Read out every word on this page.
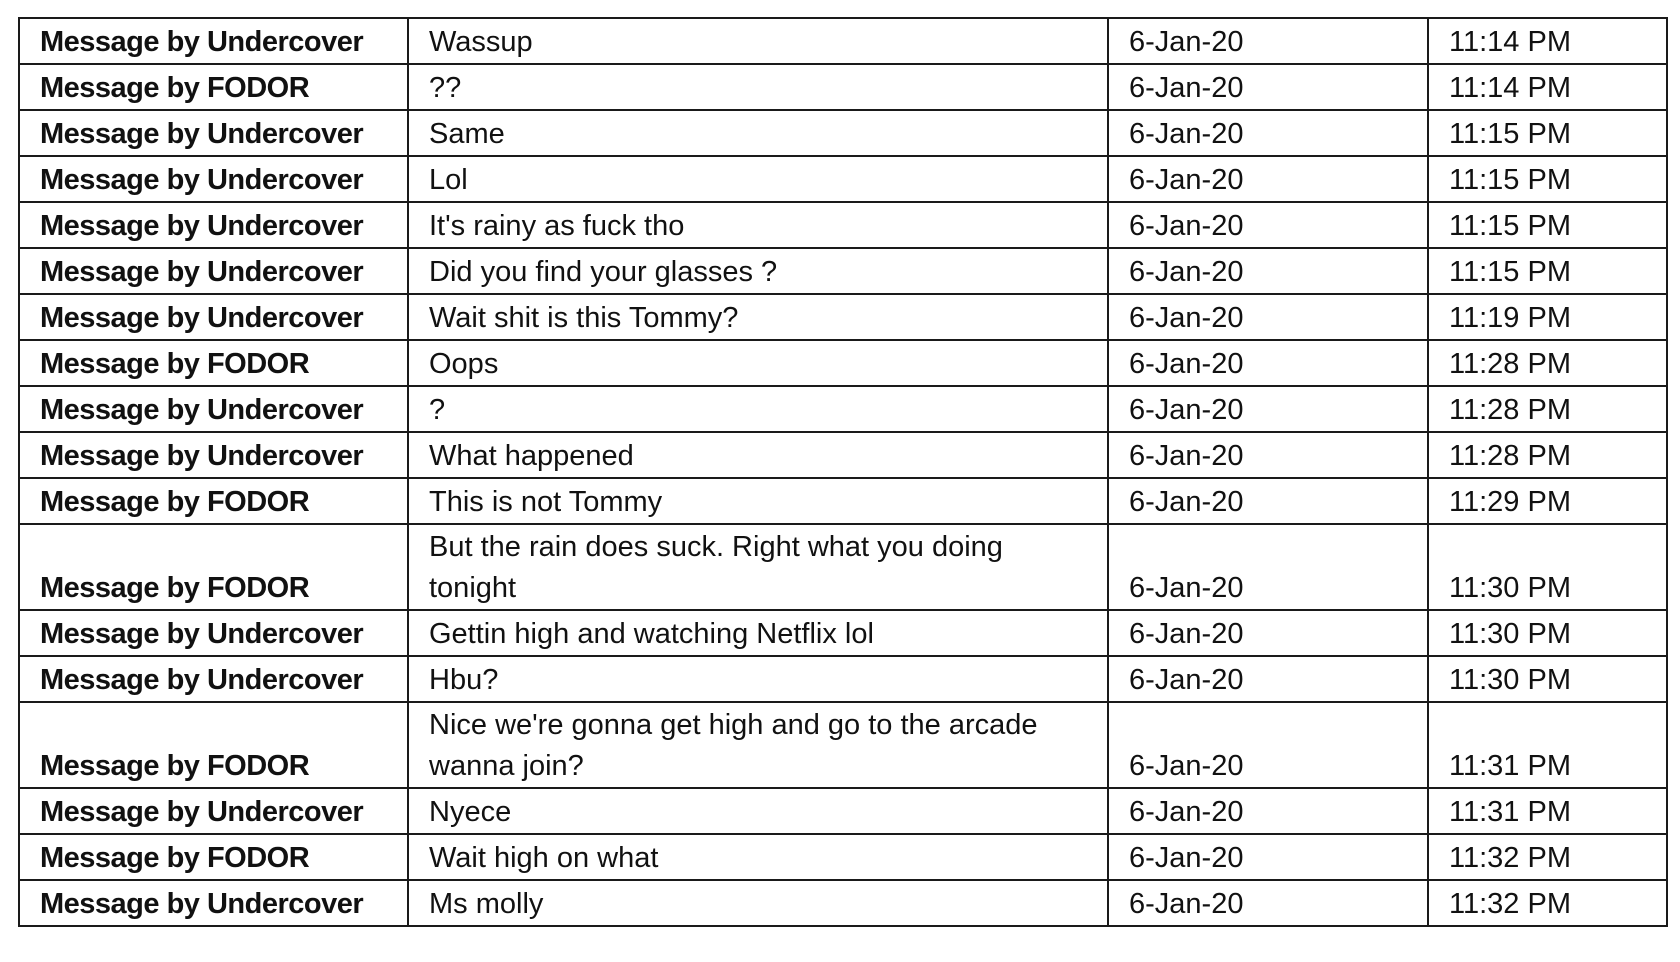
Message by Undercover	Wassup	6-Jan-20	11:14 PM
Message by FODOR	??	6-Jan-20	11:14 PM
Message by Undercover	Same	6-Jan-20	11:15 PM
Message by Undercover	Lol	6-Jan-20	11:15 PM
Message by Undercover	It's rainy as fuck tho	6-Jan-20	11:15 PM
Message by Undercover	Did you find your glasses ?	6-Jan-20	11:15 PM
Message by Undercover	Wait shit is this Tommy?	6-Jan-20	11:19 PM
Message by FODOR	Oops	6-Jan-20	11:28 PM
Message by Undercover	?	6-Jan-20	11:28 PM
Message by Undercover	What happened	6-Jan-20	11:28 PM
Message by FODOR	This is not Tommy	6-Jan-20	11:29 PM
Message by FODOR	But the rain does suck. Right what you doing tonight	6-Jan-20	11:30 PM
Message by Undercover	Gettin high and watching Netflix lol	6-Jan-20	11:30 PM
Message by Undercover	Hbu?	6-Jan-20	11:30 PM
Message by FODOR	Nice we're gonna get high and go to the arcade wanna join?	6-Jan-20	11:31 PM
Message by Undercover	Nyece	6-Jan-20	11:31 PM
Message by FODOR	Wait high on what	6-Jan-20	11:32 PM
Message by Undercover	Ms molly	6-Jan-20	11:32 PM
